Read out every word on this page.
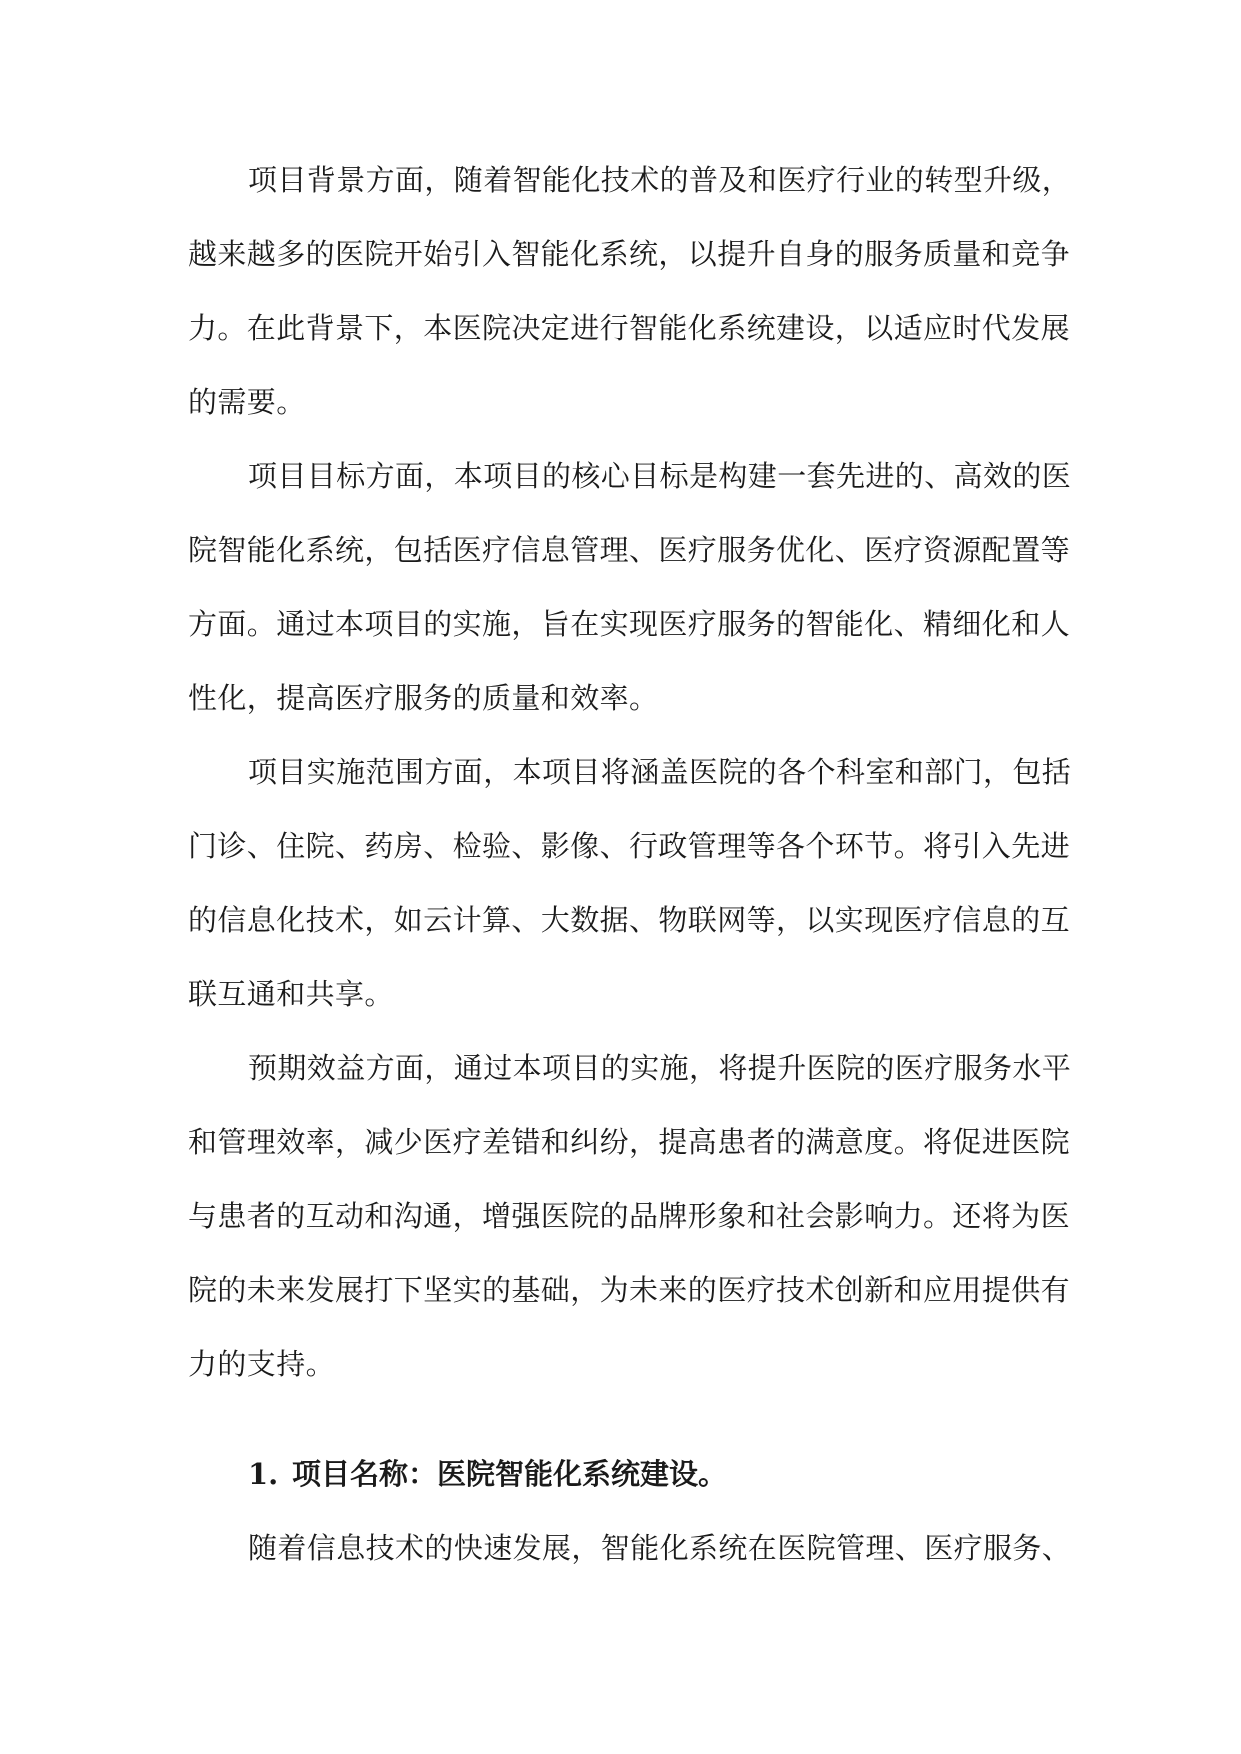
项目背景方面，随着智能化技术的普及和医疗行业的转型升级，
越来越多的医院开始引入智能化系统，以提升自身的服务质量和竞争
力。在此背景下，本医院决定进行智能化系统建设，以适应时代发展
的需要。
项目目标方面，本项目的核心目标是构建一套先进的、高效的医
院智能化系统，包括医疗信息管理、医疗服务优化、医疗资源配置等
方面。通过本项目的实施，旨在实现医疗服务的智能化、精细化和人
性化，提高医疗服务的质量和效率。
项目实施范围方面，本项目将涵盖医院的各个科室和部门，包括
门诊、住院、药房、检验、影像、行政管理等各个环节。将引入先进
的信息化技术，如云计算、大数据、物联网等，以实现医疗信息的互
联互通和共享。
预期效益方面，通过本项目的实施，将提升医院的医疗服务水平
和管理效率，减少医疗差错和纠纷，提高患者的满意度。将促进医院
与患者的互动和沟通，增强医院的品牌形象和社会影响力。还将为医
院的未来发展打下坚实的基础，为未来的医疗技术创新和应用提供有
力的支持。
1. 项目名称：医院智能化系统建设。
随着信息技术的快速发展，智能化系统在医院管理、医疗服务、
